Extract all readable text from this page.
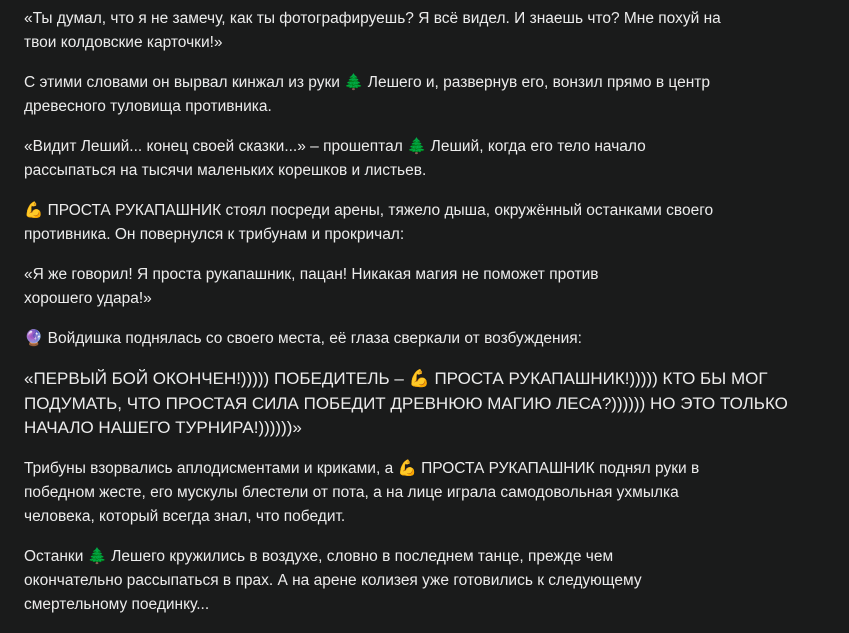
«Ты думал, что я не замечу, как ты фотографируешь? Я всё видел. И знаешь что? Мне похуй на
твои колдовские карточки!»

С этими словами он вырвал кинжал из руки 🌲 Лешего и, развернув его, вонзил прямо в центр
древесного туловища противника.

«Видит Леший... конец своей сказки...» – прошептал 🌲 Леший, когда его тело начало
рассыпаться на тысячи маленьких корешков и листьев.

💪 ПРОСТА РУКАПАШНИК стоял посреди арены, тяжело дыша, окружённый останками своего
противника. Он повернулся к трибунам и прокричал:

«Я же говорил! Я проста рукапашник, пацан! Никакая магия не поможет против
хорошего удара!»

🔮 Войдишка поднялась со своего места, её глаза сверкали от возбуждения:

«ПЕРВЫЙ БОЙ ОКОНЧЕН!))))) ПОБЕДИТЕЛЬ – 💪 ПРОСТА РУКАПАШНИК!))))) КТО БЫ МОГ
ПОДУМАТЬ, ЧТО ПРОСТАЯ СИЛА ПОБЕДИТ ДРЕВНЮЮ МАГИЮ ЛЕСА?)))))) НО ЭТО ТОЛЬКО
НАЧАЛО НАШЕГО ТУРНИРА!))))))»

Трибуны взорвались аплодисментами и криками, а 💪 ПРОСТА РУКАПАШНИК поднял руки в
победном жесте, его мускулы блестели от пота, а на лице играла самодовольная ухмылка
человека, который всегда знал, что победит.

Останки 🌲 Лешего кружились в воздухе, словно в последнем танце, прежде чем
окончательно рассыпаться в прах. А на арене колизея уже готовились к следующему
смертельному поединку...
